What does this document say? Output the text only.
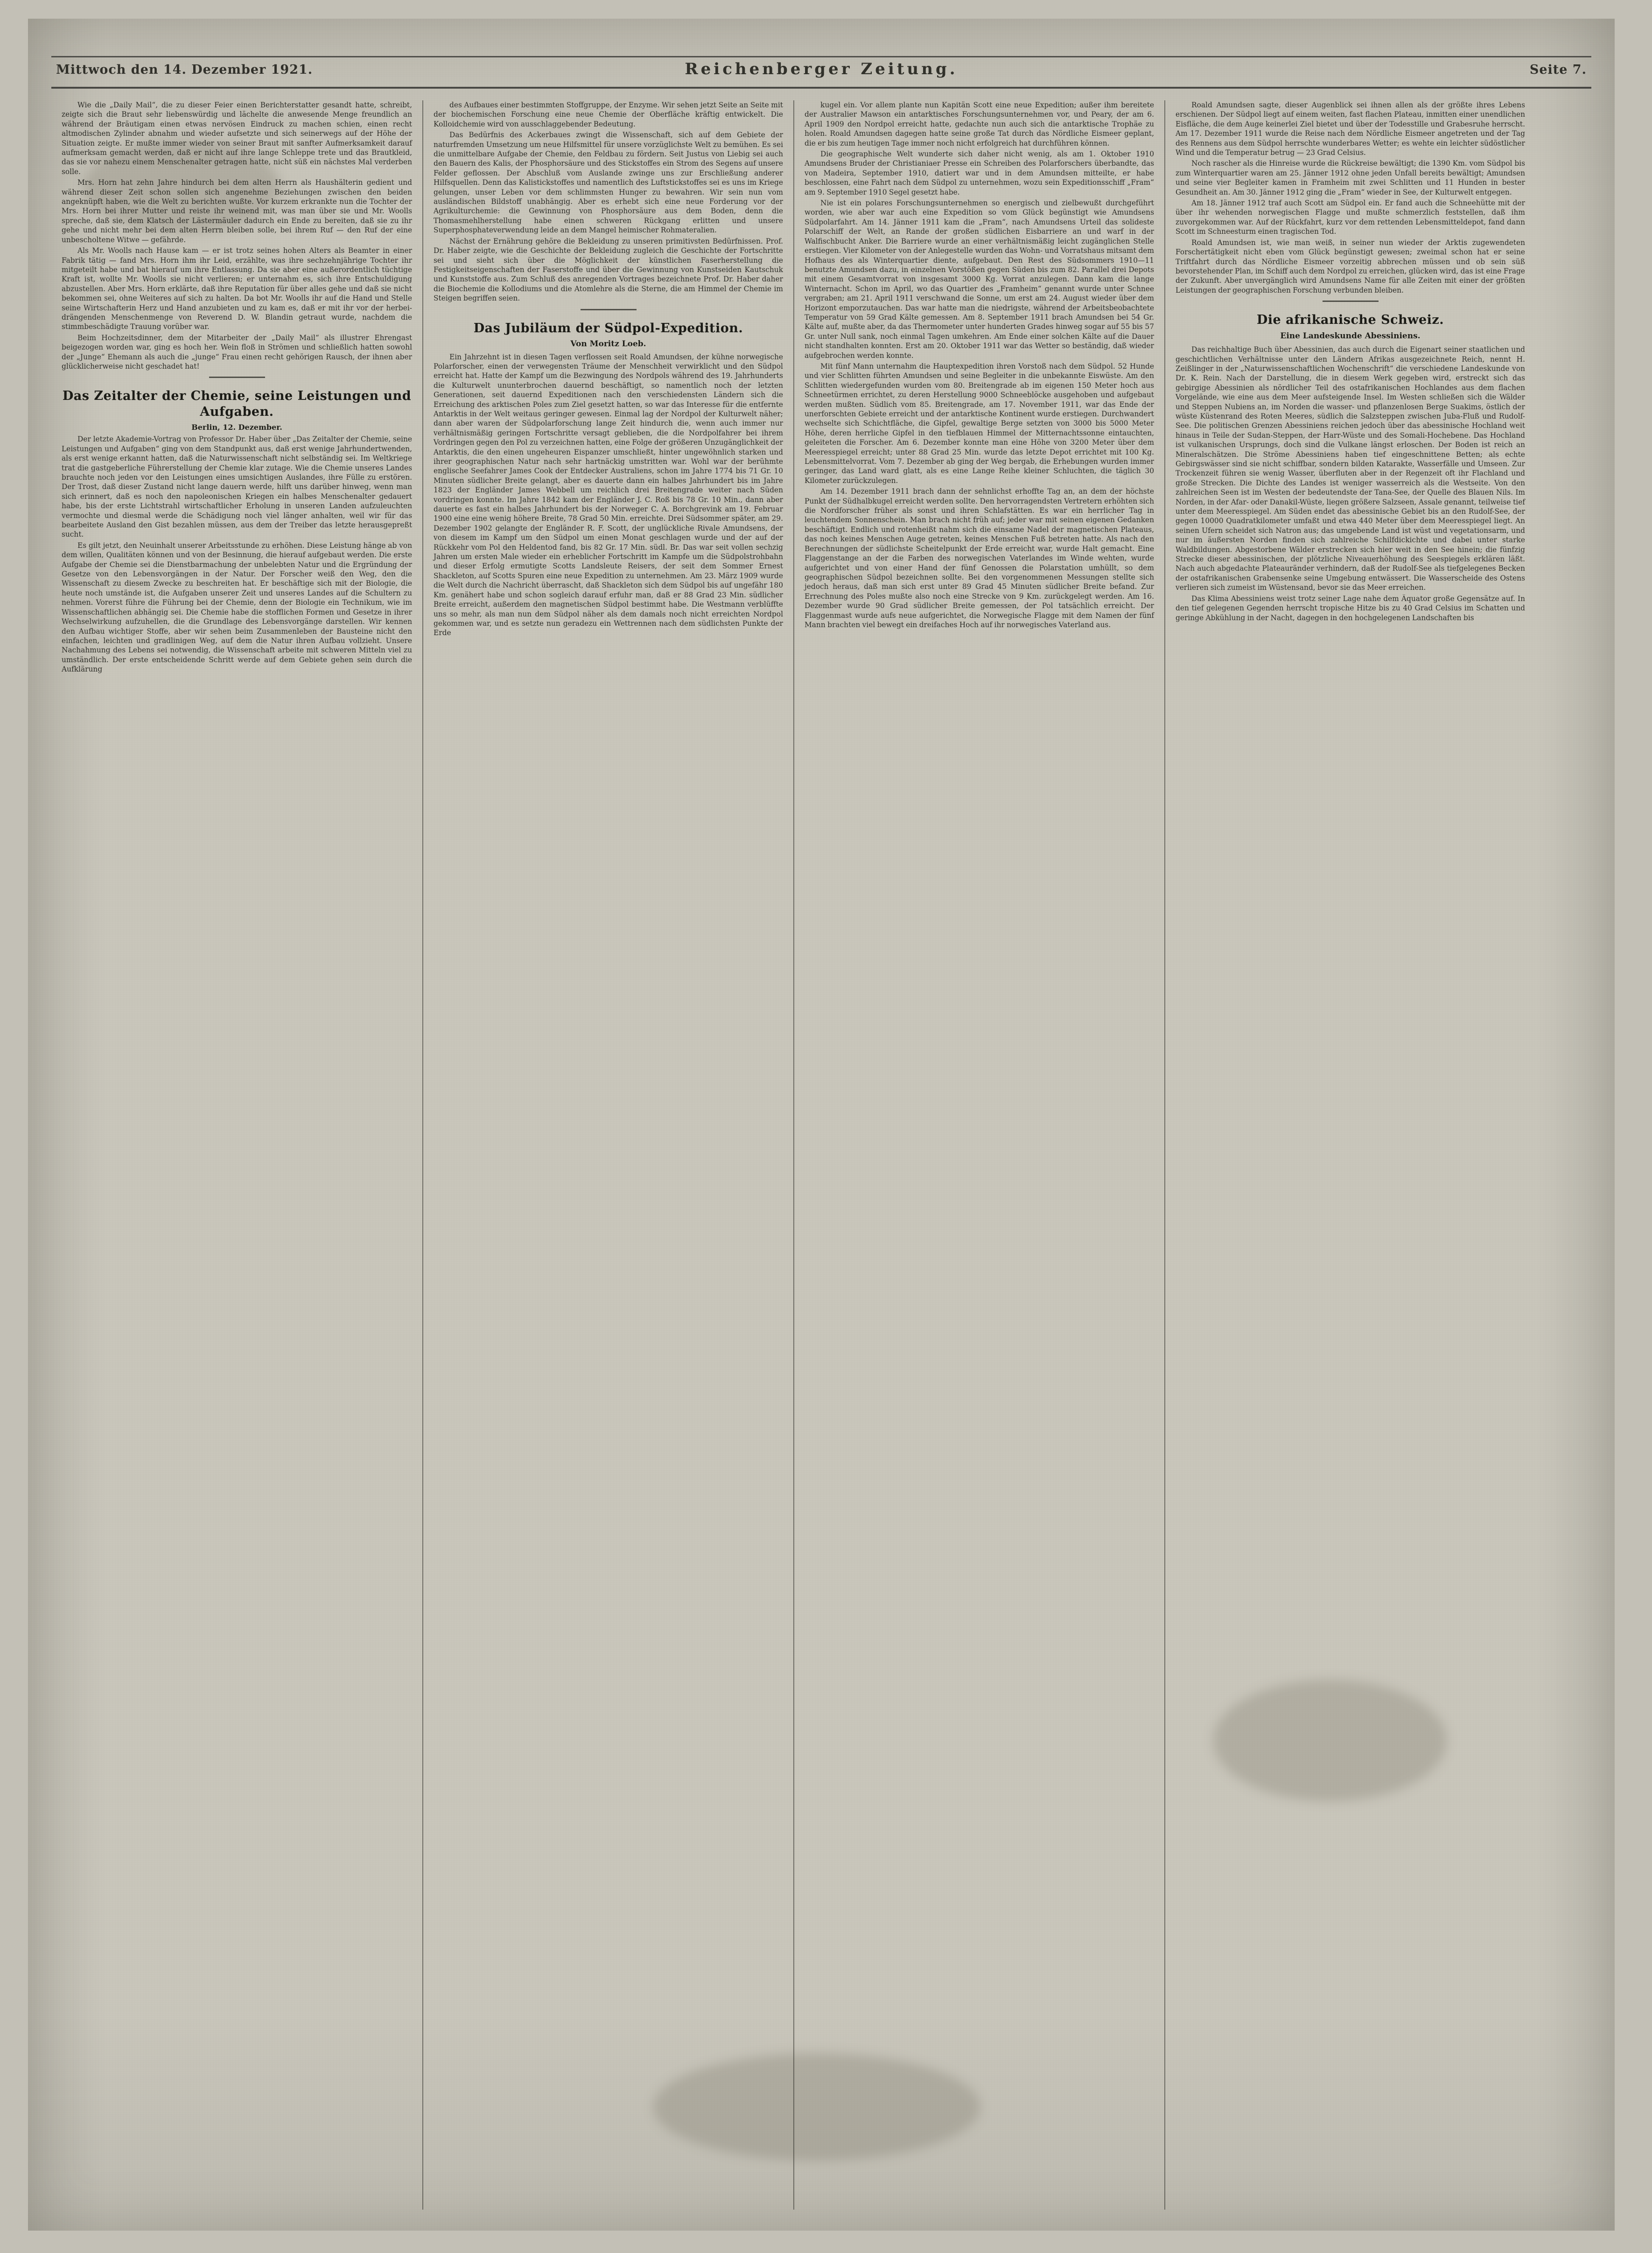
Mittwoch den 14. Dezember 1921.	Reichenberger Zeitung.	Seite 7.

Wie die „Daily Mail“, die zu dieser Feier einen Berichterstatter gesandt hatte, schreibt, zeigte sich die Braut sehr liebenswürdig und lächelte die anwesende Menge freundlich an während der Bräutigam einen etwas nervösen Eindruck zu machen schien, einen recht altmodischen Zylinder abnahm und wieder aufsetzte und sich seinerwegs auf der Höhe der Situation zeigte. Er mußte immer wieder von seiner Braut mit sanfter Aufmerksamkeit darauf aufmerksam gemacht werden, daß er nicht auf ihre lange Schleppe trete und das Brautkleid, das sie vor nahezu einem Menschenalter getragen hatte, nicht süß ein nächstes Mal verderben solle.

Mrs. Horn hat zehn Jahre hindurch bei dem alten Herrn als Haushälterin gedient und während dieser Zeit schon sollen sich angenehme Beziehungen zwischen den beiden angeknüpft haben, wie die Welt zu berichten wußte. Vor kurzem erkrankte nun die Tochter der Mrs. Horn bei ihrer Mutter und reiste ihr weinend mit, was man über sie und Mr. Woolls spreche, daß sie, dem Klatsch der Lästermäuler dadurch ein Ende zu bereiten, daß sie zu ihr gehe und nicht mehr bei dem alten Herrn bleiben solle, bei ihrem Ruf — den Ruf der eine unbescholtene Witwe — gefährde.

Als Mr. Woolls nach Hause kam — er ist trotz seines hohen Alters als Beamter in einer Fabrik tätig — fand Mrs. Horn ihm ihr Leid, erzählte, was ihre sechzehnjährige Tochter ihr mitgeteilt habe und bat hierauf um ihre Entlassung. Da sie aber eine außerordentlich tüchtige Kraft ist, wollte Mr. Woolls sie nicht verlieren; er unternahm es, sich ihre Entschuldigung abzustellen. Aber Mrs. Horn erklärte, daß ihre Reputation für über alles gehe und daß sie nicht bekommen sei, ohne Weiteres auf sich zu halten. Da bot Mr. Woolls ihr auf die Hand und Stelle seine Wirtschafterin Herz und Hand anzubieten und zu kam es, daß er mit ihr vor der herbei-drängenden Menschenmenge von Reverend D. W. Blandin getraut wurde, nachdem die stimmbeschädigte Trauung vorüber war.

Beim Hochzeitsdinner, dem der Mitarbeiter der „Daily Mail“ als illustrer Ehrengast beigezogen worden war, ging es hoch her. Wein floß in Strömen und schließlich hatten sowohl der „Junge“ Ehemann als auch die „junge“ Frau einen recht gehörigen Rausch, der ihnen aber glücklicherweise nicht geschadet hat!

Das Zeitalter der Chemie, seine Leistungen und Aufgaben.
Berlin, 12. Dezember.

Der letzte Akademie-Vortrag von Professor Dr. Haber über „Das Zeitalter der Chemie, seine Leistungen und Aufgaben“ ging von dem Standpunkt aus, daß erst wenige Jahrhundertwenden, als erst wenige erkannt hatten, daß die Naturwissenschaft nicht selbständig sei. Im Weltkriege trat die gastgeberliche Führerstellung der Chemie klar zutage. Wie die Chemie unseres Landes brauchte noch jeden vor den Leistungen eines umsichtigen Auslandes, ihre Fülle zu erstören. Der Trost, daß dieser Zustand nicht lange dauern werde, hilft uns darüber hinweg, wenn man sich erinnert, daß es noch den napoleonischen Kriegen ein halbes Menschenalter gedauert habe, bis der erste Lichtstrahl wirtschaftlicher Erholung in unseren Landen aufzuleuchten vermochte und diesmal werde die Schädigung noch viel länger anhalten, weil wir für das bearbeitete Ausland den Gist bezahlen müssen, aus dem der Treiber das letzte herausgepreßt sucht.

Es gilt jetzt, den Neuinhalt unserer Arbeitsstunde zu erhöhen. Diese Leistung hänge ab von dem willen, Qualitäten können und von der Besinnung, die hierauf aufgebaut werden. Die erste Aufgabe der Chemie sei die Dienstbarmachung der unbelebten Natur und die Ergründung der Gesetze von den Lebensvorgängen in der Natur. Der Forscher weiß den Weg, den die Wissenschaft zu diesem Zwecke zu beschreiten hat. Er beschäftige sich mit der Biologie, die heute noch umstände ist, die Aufgaben unserer Zeit und unseres Landes auf die Schultern zu nehmen. Vorerst führe die Führung bei der Chemie, denn der Biologie ein Technikum, wie im Wissenschaftlichen abhängig sei. Die Chemie habe die stofflichen Formen und Gesetze in ihrer Wechselwirkung aufzuhellen, die die Grundlage des Lebensvorgänge darstellen. Wir kennen den Aufbau wichtiger Stoffe, aber wir sehen beim Zusammenleben der Bausteine nicht den einfachen, leichten und gradlinigen Weg, auf dem die Natur ihren Aufbau vollzieht. Unsere Nachahmung des Lebens sei notwendig, die Wissenschaft arbeite mit schweren Mitteln viel zu umständlich. Der erste entscheidende Schritt werde auf dem Gebiete gehen sein durch die Aufklärung

des Aufbaues einer bestimmten Stoffgruppe, der Enzyme. Wir sehen jetzt Seite an Seite mit der biochemischen Forschung eine neue Chemie der Oberfläche kräftig entwickelt. Die Kolloidchemie wird von ausschlaggebender Bedeutung.

Das Bedürfnis des Ackerbaues zwingt die Wissenschaft, sich auf dem Gebiete der naturfremden Umsetzung um neue Hilfsmittel für unsere vorzüglichste Welt zu bemühen. Es sei die unmittelbare Aufgabe der Chemie, den Feldbau zu fördern. Seit Justus von Liebig sei auch den Bauern des Kalis, der Phosphorsäure und des Stickstoffes ein Strom des Segens auf unsere Felder geflossen. Der Abschluß vom Auslande zwinge uns zur Erschließung anderer Hilfsquellen. Denn das Kalistickstoffes und namentlich des Luftstickstoffes sei es uns im Kriege gelungen, unser Leben vor dem schlimmsten Hunger zu bewahren. Wir sein nun vom ausländischen Bildstoff unabhängig. Aber es erhebt sich eine neue Forderung vor der Agrikulturchemie: die Gewinnung von Phosphorsäure aus dem Boden, denn die Thomasmehlherstellung habe einen schweren Rückgang erlitten und unsere Superphosphateverwendung leide an dem Mangel heimischer Rohmateralien.

Nächst der Ernährung gehöre die Bekleidung zu unseren primitivsten Bedürfnissen. Prof. Dr. Haber zeigte, wie die Geschichte der Bekleidung zugleich die Geschichte der Fortschritte sei und sieht sich über die Möglichkeit der künstlichen Faserherstellung die Festigkeitseigenschaften der Faserstoffe und über die Gewinnung von Kunstseiden Kautschuk und Kunststoffe aus. Zum Schluß des anregenden Vortrages bezeichnete Prof. Dr. Haber daher die Biochemie die Kollodiums und die Atomlehre als die Sterne, die am Himmel der Chemie im Steigen begriffen seien.

Das Jubiläum der Südpol-Expedition.
Von Moritz Loeb.

Ein Jahrzehnt ist in diesen Tagen verflossen seit Roald Amundsen, der kühne norwegische Polarforscher, einen der verwegensten Träume der Menschheit verwirklicht und den Südpol erreicht hat. Hatte der Kampf um die Bezwingung des Nordpols während des 19. Jahrhunderts die Kulturwelt ununterbrochen dauernd beschäftigt, so namentlich noch der letzten Generationen, seit dauernd Expeditionen nach den verschiedensten Ländern sich die Erreichung des arktischen Poles zum Ziel gesetzt hatten, so war das Interesse für die entfernte Antarktis in der Welt weitaus geringer gewesen. Einmal lag der Nordpol der Kulturwelt näher; dann aber waren der Südpolarforschung lange Zeit hindurch die, wenn auch immer nur verhältnismäßig geringen Fortschritte versagt geblieben, die die Nordpolfahrer bei ihrem Vordringen gegen den Pol zu verzeichnen hatten, eine Folge der größeren Unzugänglichkeit der Antarktis, die den einen ungeheuren Eispanzer umschließt, hinter ungewöhnlich starken und ihrer geographischen Natur nach sehr hartnäckig umstritten war. Wohl war der berühmte englische Seefahrer James Cook der Entdecker Australiens, schon im Jahre 1774 bis 71 Gr. 10 Minuten südlicher Breite gelangt, aber es dauerte dann ein halbes Jahrhundert bis im Jahre 1823 der Engländer James Webbell um reichlich drei Breitengrade weiter nach Süden vordringen konnte. Im Jahre 1842 kam der Engländer J. C. Roß bis 78 Gr. 10 Min., dann aber dauerte es fast ein halbes Jahrhundert bis der Norweger C. A. Borchgrevink am 19. Februar 1900 eine eine wenig höhere Breite, 78 Grad 50 Min. erreichte. Drei Südsommer später, am 29. Dezember 1902 gelangte der Engländer R. F. Scott, der unglückliche Rivale Amundsens, der von diesem im Kampf um den Südpol um einen Monat geschlagen wurde und der auf der Rückkehr vom Pol den Heldentod fand, bis 82 Gr. 17 Min. südl. Br. Das war seit vollen sechzig Jahren um ersten Male wieder ein erheblicher Fortschritt im Kampfe um die Südpolstrohbahn und dieser Erfolg ermutigte Scotts Landsleute Reisers, der seit dem Sommer Ernest Shackleton, auf Scotts Spuren eine neue Expedition zu unternehmen. Am 23. März 1909 wurde die Welt durch die Nachricht überrascht, daß Shackleton sich dem Südpol bis auf ungefähr 180 Km. genähert habe und schon sogleich darauf erfuhr man, daß er 88 Grad 23 Min. südlicher Breite erreicht, außerdem den magnetischen Südpol bestimmt habe. Die Westmann verblüffte uns so mehr, als man nun dem Südpol näher als dem damals noch nicht erreichten Nordpol gekommen war, und es setzte nun geradezu ein Wettrennen nach dem südlichsten Punkte der Erde

kugel ein. Vor allem plante nun Kapitän Scott eine neue Expedition; außer ihm bereitete der Australier Mawson ein antarktisches Forschungsunternehmen vor, und Peary, der am 6. April 1909 den Nordpol erreicht hatte, gedachte nun auch sich die antarktische Trophäe zu holen. Roald Amundsen dagegen hatte seine große Tat durch das Nördliche Eismeer geplant, die er bis zum heutigen Tage immer noch nicht erfolgreich hat durchführen können.

Die geographische Welt wunderte sich daher nicht wenig, als am 1. Oktober 1910 Amundsens Bruder der Christianiaer Presse ein Schreiben des Polarforschers überbandte, das von Madeira, September 1910, datiert war und in dem Amundsen mitteilte, er habe beschlossen, eine Fahrt nach dem Südpol zu unternehmen, wozu sein Expeditionsschiff „Fram“ am 9. September 1910 Segel gesetzt habe.

Nie ist ein polares Forschungsunternehmen so energisch und zielbewußt durchgeführt worden, wie aber war auch eine Expedition so vom Glück begünstigt wie Amundsens Südpolarfahrt. Am 14. Jänner 1911 kam die „Fram“, nach Amundsens Urteil das solideste Polarschiff der Welt, an Rande der großen südlichen Eisbarriere an und warf in der Walfischbucht Anker. Die Barriere wurde an einer verhältnismäßig leicht zugänglichen Stelle erstiegen. Vier Kilometer von der Anlegestelle wurden das Wohn- und Vorratshaus mitsamt dem Hofhaus des als Winterquartier diente, aufgebaut. Den Rest des Südsommers 1910—11 benutzte Amundsen dazu, in einzelnen Vorstößen gegen Süden bis zum 82. Parallel drei Depots mit einem Gesamtvorrat von insgesamt 3000 Kg. Vorrat anzulegen. Dann kam die lange Winternacht. Schon im April, wo das Quartier des „Framheim“ genannt wurde unter Schnee vergraben; am 21. April 1911 verschwand die Sonne, um erst am 24. August wieder über dem Horizont emporzutauchen. Das war hatte man die niedrigste, während der Arbeitsbeobachtete Temperatur von 59 Grad Kälte gemessen. Am 8. September 1911 brach Amundsen bei 54 Gr. Kälte auf, mußte aber, da das Thermometer unter hunderten Grades hinweg sogar auf 55 bis 57 Gr. unter Null sank, noch einmal Tagen umkehren. Am Ende einer solchen Kälte auf die Dauer nicht standhalten konnten. Erst am 20. Oktober 1911 war das Wetter so beständig, daß wieder aufgebrochen werden konnte.

Mit fünf Mann unternahm die Hauptexpedition ihren Vorstoß nach dem Südpol. 52 Hunde und vier Schlitten führten Amundsen und seine Begleiter in die unbekannte Eiswüste. Am den Schlitten wiedergefunden wurden vom 80. Breitengrade ab im eigenen 150 Meter hoch aus Schneetürmen errichtet, zu deren Herstellung 9000 Schneeblöcke ausgehoben und aufgebaut werden mußten. Südlich vom 85. Breitengrade, am 17. November 1911, war das Ende der unerforschten Gebiete erreicht und der antarktische Kontinent wurde erstiegen. Durchwandert wechselte sich Schichtfläche, die Gipfel, gewaltige Berge setzten von 3000 bis 5000 Meter Höhe, deren herrliche Gipfel in den tiefblauen Himmel der Mitternachtssonne eintauchten, geleiteten die Forscher. Am 6. Dezember konnte man eine Höhe von 3200 Meter über dem Meeresspiegel erreicht; unter 88 Grad 25 Min. wurde das letzte Depot errichtet mit 100 Kg. Lebensmittelvorrat. Vom 7. Dezember ab ging der Weg bergab, die Erhebungen wurden immer geringer, das Land ward glatt, als es eine Lange Reihe kleiner Schluchten, die täglich 30 Kilometer zurückzulegen.

Am 14. Dezember 1911 brach dann der sehnlichst erhoffte Tag an, an dem der höchste Punkt der Südhalbkugel erreicht werden sollte. Den hervorragendsten Vertretern erhöhten sich die Nordforscher früher als sonst und ihren Schlafstätten. Es war ein herrlicher Tag in leuchtendem Sonnenschein. Man brach nicht früh auf; jeder war mit seinen eigenen Gedanken beschäftigt. Endlich und rotenheißt nahm sich die einsame Nadel der magnetischen Plateaus, das noch keines Menschen Auge getreten, keines Menschen Fuß betreten hatte. Als nach den Berechnungen der südlichste Scheitelpunkt der Erde erreicht war, wurde Halt gemacht. Eine Flaggenstange an der die Farben des norwegischen Vaterlandes im Winde wehten, wurde aufgerichtet und von einer Hand der fünf Genossen die Polarstation umhüllt, so dem geographischen Südpol bezeichnen sollte. Bei den vorgenommenen Messungen stellte sich jedoch heraus, daß man sich erst unter 89 Grad 45 Minuten südlicher Breite befand. Zur Errechnung des Poles mußte also noch eine Strecke von 9 Km. zurückgelegt werden. Am 16. Dezember wurde 90 Grad südlicher Breite gemessen, der Pol tatsächlich erreicht. Der Flaggenmast wurde aufs neue aufgerichtet, die Norwegische Flagge mit dem Namen der fünf Mann brachten viel bewegt ein dreifaches Hoch auf ihr norwegisches Vaterland aus.

Roald Amundsen sagte, dieser Augenblick sei ihnen allen als der größte ihres Lebens erschienen. Der Südpol liegt auf einem weiten, fast flachen Plateau, inmitten einer unendlichen Eisfläche, die dem Auge keinerlei Ziel bietet und über der Todesstille und Grabesruhe herrscht. Am 17. Dezember 1911 wurde die Reise nach dem Nördliche Eismeer angetreten und der Tag des Rennens aus dem Südpol herrschte wunderbares Wetter; es wehte ein leichter südöstlicher Wind und die Temperatur betrug — 23 Grad Celsius.

Noch rascher als die Hinreise wurde die Rückreise bewältigt; die 1390 Km. vom Südpol bis zum Winterquartier waren am 25. Jänner 1912 ohne jeden Unfall bereits bewältigt; Amundsen und seine vier Begleiter kamen in Framheim mit zwei Schlitten und 11 Hunden in bester Gesundheit an. Am 30. Jänner 1912 ging die „Fram“ wieder in See, der Kulturwelt entgegen.

Am 18. Jänner 1912 traf auch Scott am Südpol ein. Er fand auch die Schneehütte mit der über ihr wehenden norwegischen Flagge und mußte schmerzlich feststellen, daß ihm zuvorgekommen war. Auf der Rückfahrt, kurz vor dem rettenden Lebensmitteldepot, fand dann Scott im Schneesturm einen tragischen Tod.

Roald Amundsen ist, wie man weiß, in seiner nun wieder der Arktis zugewendeten Forschertätigkeit nicht eben vom Glück begünstigt gewesen; zweimal schon hat er seine Triftfahrt durch das Nördliche Eismeer vorzeitig abbrechen müssen und ob sein süß bevorstehender Plan, im Schiff auch dem Nordpol zu erreichen, glücken wird, das ist eine Frage der Zukunft. Aber unvergänglich wird Amundsens Name für alle Zeiten mit einer der größten Leistungen der geographischen Forschung verbunden bleiben.

Die afrikanische Schweiz.
Eine Landeskunde Abessiniens.

Das reichhaltige Buch über Abessinien, das auch durch die Eigenart seiner staatlichen und geschichtlichen Verhältnisse unter den Ländern Afrikas ausgezeichnete Reich, nennt H. Zeißlinger in der „Naturwissenschaftlichen Wochenschrift“ die verschiedene Landeskunde von Dr. K. Rein. Nach der Darstellung, die in diesem Werk gegeben wird, erstreckt sich das gebirgige Abessinien als nördlicher Teil des ostafrikanischen Hochlandes aus dem flachen Vorgelände, wie eine aus dem Meer aufsteigende Insel. Im Westen schließen sich die Wälder und Steppen Nubiens an, im Norden die wasser- und pflanzenlosen Berge Suakims, östlich der wüste Küstenrand des Roten Meeres, südlich die Salzsteppen zwischen Juba-Fluß und Rudolf-See. Die politischen Grenzen Abessiniens reichen jedoch über das abessinische Hochland weit hinaus in Teile der Sudan-Steppen, der Harr-Wüste und des Somali-Hochebene. Das Hochland ist vulkanischen Ursprungs, doch sind die Vulkane längst erloschen. Der Boden ist reich an Mineralschätzen. Die Ströme Abessiniens haben tief eingeschnittene Betten; als echte Gebirgswässer sind sie nicht schiffbar, sondern bilden Katarakte, Wasserfälle und Umseen. Zur Trockenzeit führen sie wenig Wasser, überfluten aber in der Regenzeit oft ihr Flachland und große Strecken. Die Dichte des Landes ist weniger wasserreich als die Westseite. Von den zahlreichen Seen ist im Westen der bedeutendste der Tana-See, der Quelle des Blauen Nils. Im Norden, in der Afar- oder Danakil-Wüste, liegen größere Salzseen, Assale genannt, teilweise tief unter dem Meeresspiegel. Am Süden endet das abessinische Gebiet bis an den Rudolf-See, der gegen 10000 Quadratkilometer umfaßt und etwa 440 Meter über dem Meeresspiegel liegt. An seinen Ufern scheidet sich Natron aus; das umgebende Land ist wüst und vegetationsarm, und nur im äußersten Norden finden sich zahlreiche Schilfdickichte und dabei unter starke Waldbildungen. Abgestorbene Wälder erstrecken sich hier weit in den See hinein; die fünfzig Strecke dieser abessinischen, der plötzliche Niveauerhöhung des Seespiegels erklären läßt. Nach auch abgedachte Plateauränder verhindern, daß der Rudolf-See als tiefgelegenes Becken der ostafrikanischen Grabensenke seine Umgebung entwässert. Die Wasserscheide des Ostens verlieren sich zumeist im Wüstensand, bevor sie das Meer erreichen.

Das Klima Abessiniens weist trotz seiner Lage nahe dem Äquator große Gegensätze auf. In den tief gelegenen Gegenden herrscht tropische Hitze bis zu 40 Grad Celsius im Schatten und geringe Abkühlung in der Nacht, dagegen in den hochgelegenen Landschaften bis
